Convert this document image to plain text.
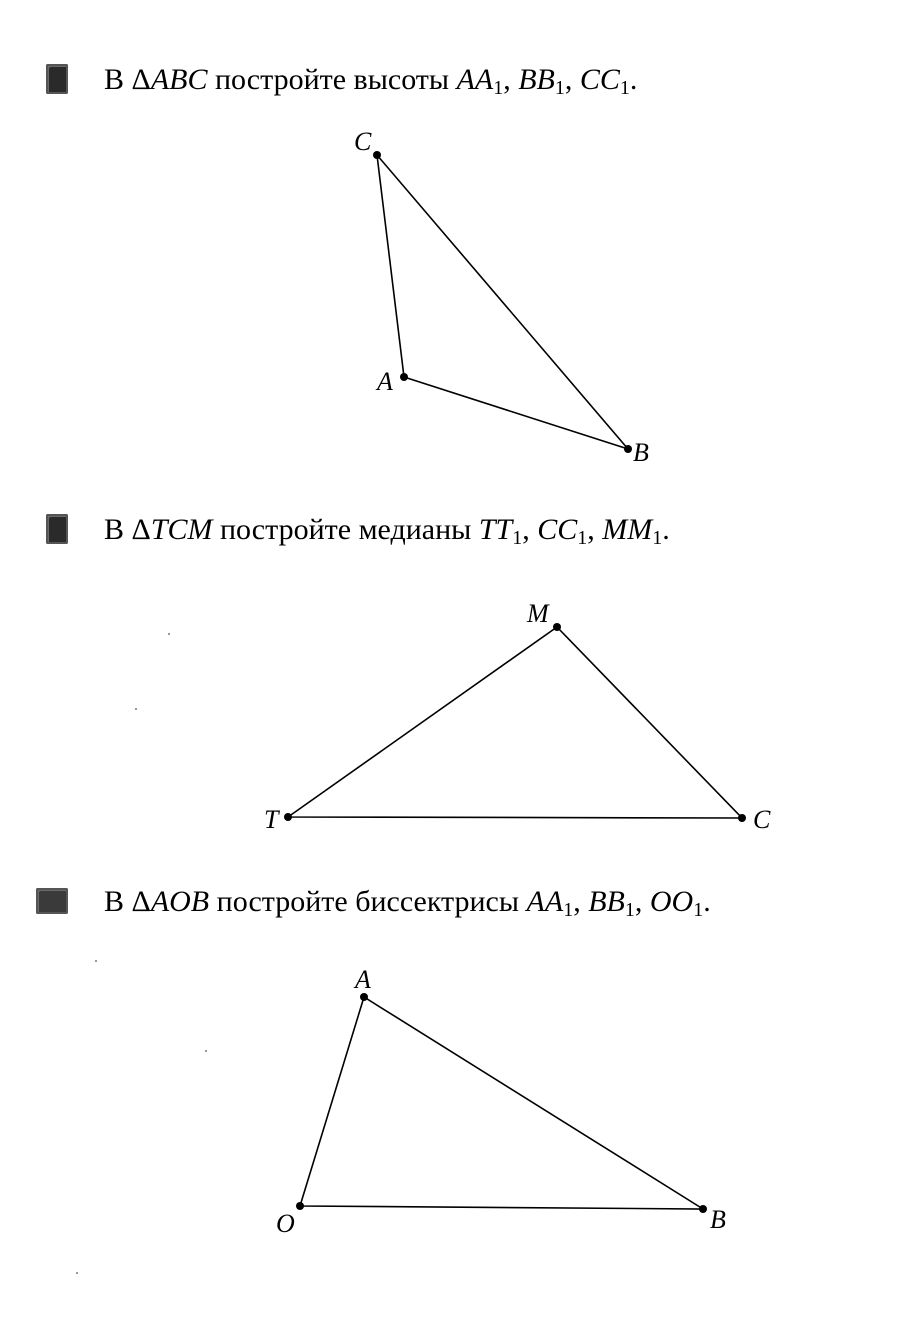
В ΔABC постройте высоты $AA_1$, $BB_1$, $CC_1$.
В ΔTCM постройте медианы $TT_1$, $CC_1$, $MM_1$.
В ΔAOB постройте биссектрисы $AA_1$, $BB_1$, $OO_1$.
C
A
B
M
T	C
A
O	B
